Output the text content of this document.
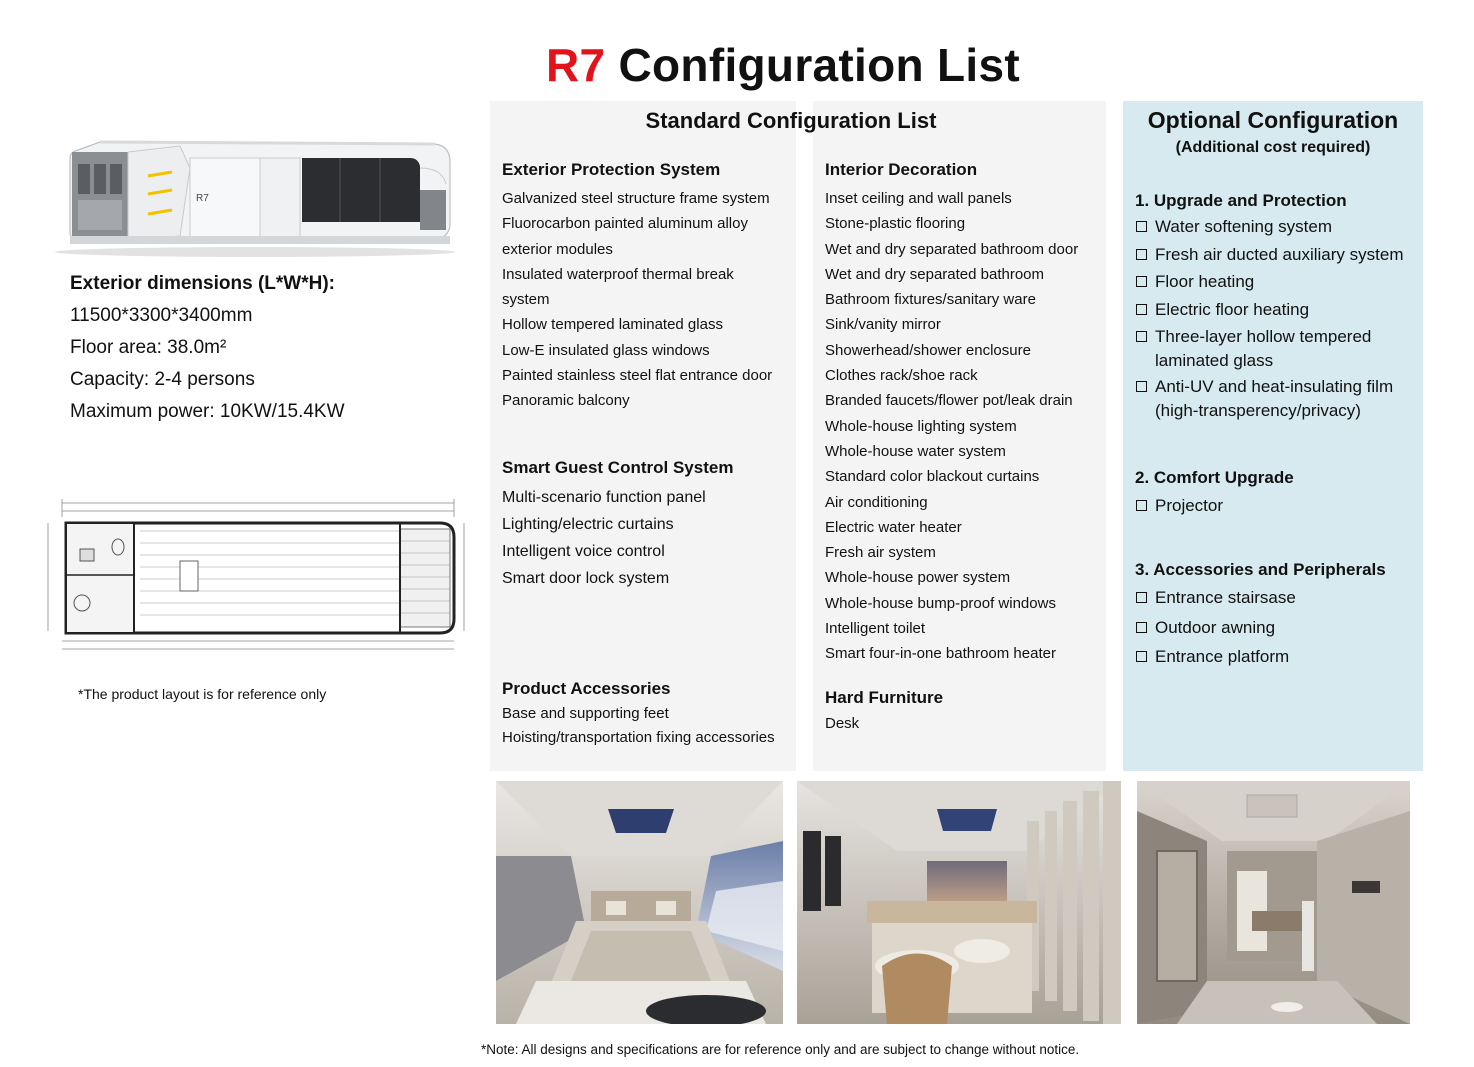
R7 Configuration List
R7
Exterior dimensions (L*W*H):
11500*3300*3400mm
Floor area: 38.0m²
Capacity: 2-4 persons
Maximum power: 10KW/15.4KW
*The product layout is for reference only
Standard Configuration List
Exterior Protection System
Galvanized steel structure frame system
Fluorocarbon painted aluminum alloy
exterior modules
Insulated waterproof thermal break
system
Hollow tempered laminated glass
Low-E insulated glass windows
Painted stainless steel flat entrance door
Panoramic balcony
Smart Guest Control System
Multi-scenario function panel
Lighting/electric curtains
Intelligent voice control
Smart door lock system
Product Accessories
Base and supporting feet
Hoisting/transportation fixing accessories
Interior Decoration
Inset ceiling and wall panels
Stone-plastic flooring
Wet and dry separated bathroom door
Wet and dry separated bathroom
Bathroom fixtures/sanitary ware
Sink/vanity mirror
Showerhead/shower enclosure
Clothes rack/shoe rack
Branded faucets/flower pot/leak drain
Whole-house lighting system
Whole-house water system
Standard color blackout curtains
Air conditioning
Electric water heater
Fresh air system
Whole-house power system
Whole-house bump-proof windows
Intelligent toilet
Smart four-in-one bathroom heater
Hard Furniture
Desk
Optional Configuration
(Additional cost required)
1. Upgrade and Protection
Water softening system
Fresh air ducted auxiliary system
Floor heating
Electric floor heating
Three-layer hollow tempered laminated glass
Anti-UV and heat-insulating film (high-transperency/privacy)
2. Comfort Upgrade
Projector
3. Accessories and Peripherals
Entrance stairsase
Outdoor awning
Entrance platform
*Note: All designs and specifications are for reference only and are subject to change without notice.
